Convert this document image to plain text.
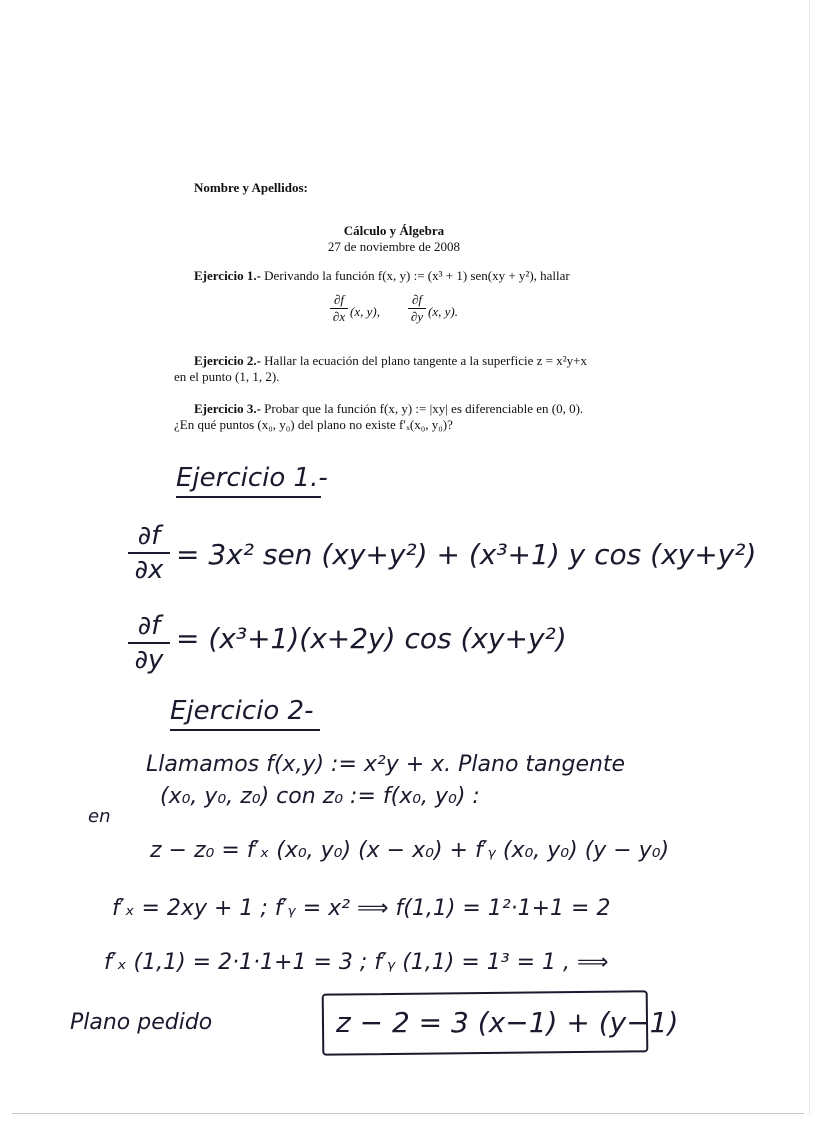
Nombre y Apellidos:
Cálculo y Álgebra
27 de noviembre de 2008
Ejercicio 1.- Derivando la función f(x, y) := (x³ + 1) sen(xy + y²), hallar
∂f
∂x (x, y),
∂f
∂y (x, y).
Ejercicio 2.- Hallar la ecuación del plano tangente a la superficie z = x²y+x
en el punto (1, 1, 2).
Ejercicio 3.- Probar que la función f(x, y) := |xy| es diferenciable en (0, 0).
¿En qué puntos (x₀, y₀) del plano no existe f′ₓ(x₀, y₀)?
Ejercicio 1.-
∂f
∂x = 3x² sen (xy+y²) + (x³+1) y cos (xy+y²)
∂f
∂y
= (x³+1)(x+2y) cos (xy+y²)
Ejercicio 2-
Llamamos f(x,y) := x²y + x. Plano tangente
en
(x₀, y₀, z₀) con z₀ := f(x₀, y₀) :
z − z₀ = f′ₓ (x₀, y₀) (x − x₀) + f′ᵧ (x₀, y₀) (y − y₀)
f′ₓ = 2xy + 1 ; f′ᵧ = x² ⟹ f(1,1) = 1²·1+1 = 2
f′ₓ (1,1) = 2·1·1+1 = 3 ; f′ᵧ (1,1) = 1³ = 1 , ⟹
Plano pedido	z − 2 = 3 (x−1) + (y−1)
